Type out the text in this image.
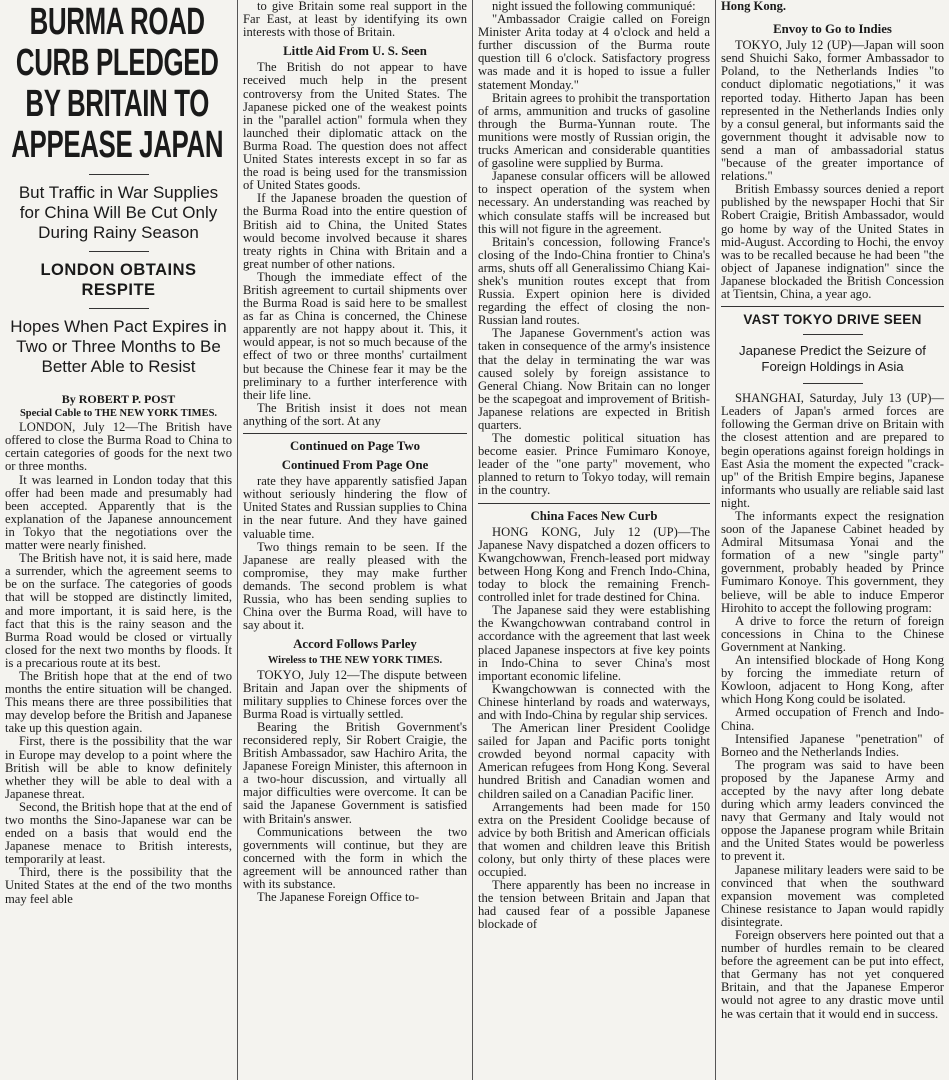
BURMA ROAD CURB PLEDGED BY BRITAIN TO APPEASE JAPAN
But Traffic in War Supplies for China Will Be Cut Only During Rainy Season
LONDON OBTAINS RESPITE
Hopes When Pact Expires in Two or Three Months to Be Better Able to Resist
By ROBERT P. POST
Special Cable to THE NEW YORK TIMES.

LONDON, July 12—The British have offered to close the Burma Road to China to certain categories of goods for the next two or three months.

It was learned in London today that this offer had been made and presumably had been accepted. Apparently that is the explanation of the Japanese announcement in Tokyo that the negotiations over the matter were nearly finished.

The British have not, it is said here, made a surrender, which the agreement seems to be on the surface. The categories of goods that will be stopped are distinctly limited, and more important, it is said here, is the fact that this is the rainy season and the Burma Road would be closed or virtually closed for the next two months by floods. It is a precarious route at its best.

The British hope that at the end of two months the entire situation will be changed. This means there are three possibilities that may develop before the British and Japanese take up this question again.

First, there is the possibility that the war in Europe may develop to a point where the British will be able to know definitely whether they will be able to deal with a Japanese threat.

Second, the British hope that at the end of two months the Sino-Japanese war can be ended on a basis that would end the Japanese menace to British interests, temporarily at least.

Third, there is the possibility that the United States at the end of the two months may feel able

to give Britain some real support in the Far East, at least by identifying its own interests with those of Britain.

Little Aid From U. S. Seen

The British do not appear to have received much help in the present controversy from the United States. The Japanese picked one of the weakest points in the "parallel action" formula when they launched their diplomatic attack on the Burma Road. The question does not affect United States interests except in so far as the road is being used for the transmission of United States goods.

If the Japanese broaden the question of the Burma Road into the entire question of British aid to China, the United States would become involved because it shares treaty rights in China with Britain and a great number of other nations.

Though the immediate effect of the British agreement to curtail shipments over the Burma Road is said here to be smallest as far as China is concerned, the Chinese apparently are not happy about it. This, it would appear, is not so much because of the effect of two or three months' curtailment but because the Chinese fear it may be the preliminary to a further interference with their life line.

The British insist it does not mean anything of the sort. At any

Continued on Page Two
Continued From Page One

rate they have apparently satisfied Japan without seriously hindering the flow of United States and Russian supplies to China in the near future. And they have gained valuable time.

Two things remain to be seen. If the Japanese are really pleased with the compromise, they may make further demands. The second problem is what Russia, who has been sending suplies to China over the Burma Road, will have to say about it.

Accord Follows Parley
Wireless to THE NEW YORK TIMES.

TOKYO, July 12—The dispute between Britain and Japan over the shipments of military supplies to Chinese forces over the Burma Road is virtually settled.

Bearing the British Government's reconsidered reply, Sir Robert Craigie, the British Ambassador, saw Hachiro Arita, the Japanese Foreign Minister, this afternoon in a two-hour discussion, and virtually all major difficulties were overcome. It can be said the Japanese Government is satisfied with Britain's answer.

Communications between the two governments will continue, but they are concerned with the form in which the agreement will be announced rather than with its substance.

The Japanese Foreign Office to-

night issued the following communiqué:

"Ambassador Craigie called on Foreign Minister Arita today at 4 o'clock and held a further discussion of the Burma route question till 6 o'clock. Satisfactory progress was made and it is hoped to issue a fuller statement Monday."

Britain agrees to prohibit the transportation of arms, ammunition and trucks of gasoline through the Burma-Yunnan route. The munitions were mostly of Russian origin, the trucks American and considerable quantities of gasoline were supplied by Burma.

Japanese consular officers will be allowed to inspect operation of the system when necessary. An understanding was reached by which consulate staffs will be increased but this will not figure in the agreement.

Britain's concession, following France's closing of the Indo-China frontier to China's arms, shuts off all Generalissimo Chiang Kai-shek's munition routes except that from Russia. Expert opinion here is divided regarding the effect of closing the non-Russian land routes.

The Japanese Government's action was taken in consequence of the army's insistence that the delay in terminating the war was caused solely by foreign assistance to General Chiang. Now Britain can no longer be the scapegoat and improvement of British-Japanese relations are expected in British quarters.

The domestic political situation has become easier. Prince Fumimaro Konoye, leader of the "one party" movement, who planned to return to Tokyo today, will remain in the country.

China Faces New Curb

HONG KONG, July 12 (UP)—The Japanese Navy dispatched a dozen officers to Kwangchowwan, French-leased port midway between Hong Kong and French Indo-China, today to block the remaining French-controlled inlet for trade destined for China.

The Japanese said they were establishing the Kwangchowwan contraband control in accordance with the agreement that last week placed Japanese inspectors at five key points in Indo-China to sever China's most important economic lifeline.

Kwangchowwan is connected with the Chinese hinterland by roads and waterways, and with Indo-China by regular ship services.

The American liner President Coolidge sailed for Japan and Pacific ports tonight crowded beyond normal capacity with American refugees from Hong Kong. Several hundred British and Canadian women and children sailed on a Canadian Pacific liner.

Arrangements had been made for 150 extra on the President Coolidge because of advice by both British and American officials that women and children leave this British colony, but only thirty of these places were occupied.

There apparently has been no increase in the tension between Britain and Japan that had caused fear of a possible Japanese blockade of

Hong Kong.
Envoy to Go to Indies

TOKYO, July 12 (UP)—Japan will soon send Shuichi Sako, former Ambassador to Poland, to the Netherlands Indies "to conduct diplomatic negotiations," it was reported today. Hitherto Japan has been represented in the Netherlands Indies only by a consul general, but informants said the government thought it advisable now to send a man of ambassadorial status "because of the greater importance of relations."

British Embassy sources denied a report published by the newspaper Hochi that Sir Robert Craigie, British Ambassador, would go home by way of the United States in mid-August. According to Hochi, the envoy was to be recalled because he had been "the object of Japanese indignation" since the Japanese blockaded the British Concession at Tientsin, China, a year ago.

VAST TOKYO DRIVE SEEN
Japanese Predict the Seizure of Foreign Holdings in Asia

SHANGHAI, Saturday, July 13 (UP)—Leaders of Japan's armed forces are following the German drive on Britain with the closest attention and are prepared to begin operations against foreign holdings in East Asia the moment the expected "crack-up" of the British Empire begins, Japanese informants who usually are reliable said last night.

The informants expect the resignation soon of the Japanese Cabinet headed by Admiral Mitsumasa Yonai and the formation of a new "single party" government, probably headed by Prince Fumimaro Konoye. This government, they believe, will be able to induce Emperor Hirohito to accept the following program:

A drive to force the return of foreign concessions in China to the Chinese Government at Nanking.

An intensified blockade of Hong Kong by forcing the immediate return of Kowloon, adjacent to Hong Kong, after which Hong Kong could be isolated.

Armed occupation of French and Indo-China.

Intensified Japanese "penetration" of Borneo and the Netherlands Indies.

The program was said to have been proposed by the Japanese Army and accepted by the navy after long debate during which army leaders convinced the navy that Germany and Italy would not oppose the Japanese program while Britain and the United States would be powerless to prevent it.

Japanese military leaders were said to be convinced that when the southward expansion movement was completed Chinese resistance to Japan would rapidly disintegrate.

Foreign observers here pointed out that a number of hurdles remain to be cleared before the agreement can be put into effect, that Germany has not yet conquered Britain, and that the Japanese Emperor would not agree to any drastic move until he was certain that it would end in success.
